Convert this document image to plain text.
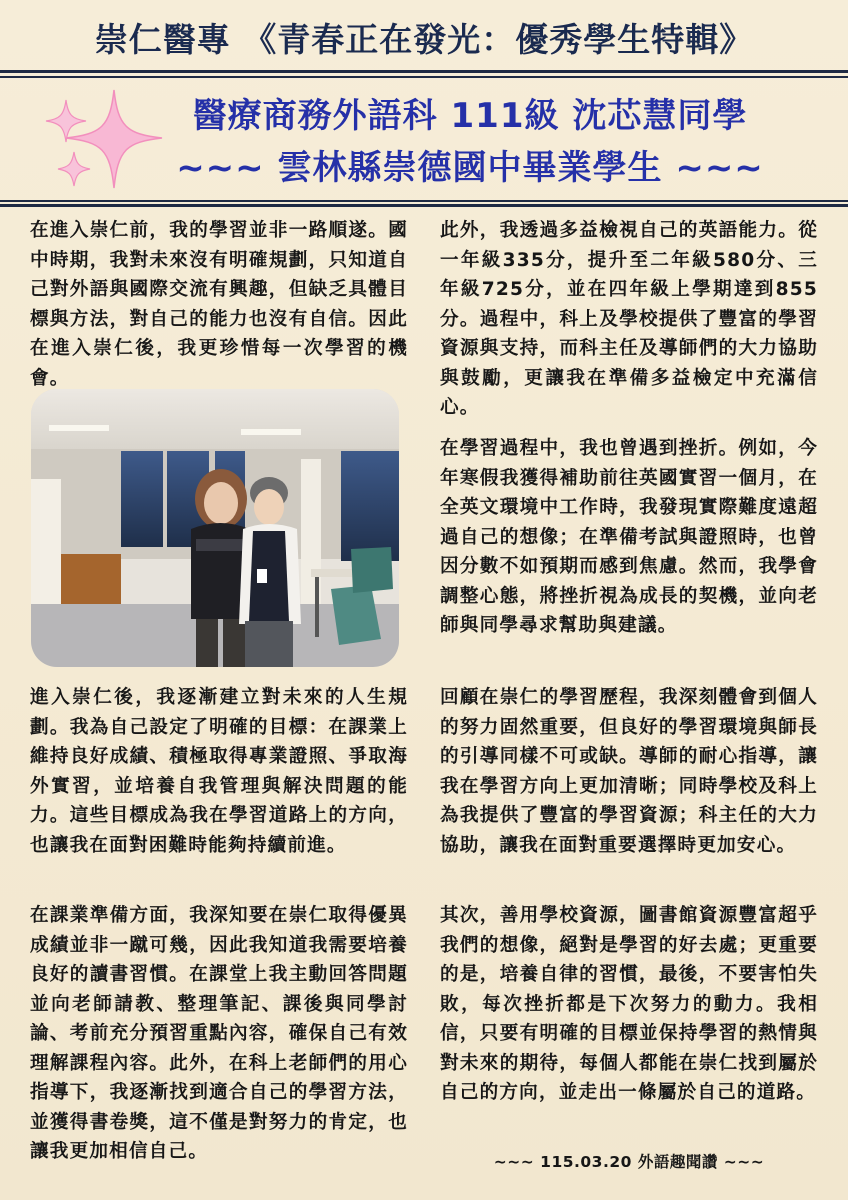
崇仁醫專 《青春正在發光：優秀學生特輯》
醫療商務外語科 111級 沈芯慧同學
~~~ 雲林縣崇德國中畢業學生 ~~~

在進入崇仁前，我的學習並非一路順遂。國中時期，我對未來沒有明確規劃，只知道自己對外語與國際交流有興趣，但缺乏具體目標與方法，對自己的能力也沒有自信。因此在進入崇仁後，我更珍惜每一次學習的機會。

進入崇仁後，我逐漸建立對未來的人生規劃。我為自己設定了明確的目標：在課業上維持良好成績、積極取得專業證照、爭取海外實習，並培養自我管理與解決問題的能力。這些目標成為我在學習道路上的方向，也讓我在面對困難時能夠持續前進。

在課業準備方面，我深知要在崇仁取得優異成績並非一蹴可幾，因此我知道我需要培養良好的讀書習慣。在課堂上我主動回答問題並向老師請教、整理筆記、課後與同學討論、考前充分預習重點內容，確保自己有效理解課程內容。此外，在科上老師們的用心指導下，我逐漸找到適合自己的學習方法，並獲得書卷獎，這不僅是對努力的肯定，也讓我更加相信自己。

此外，我透過多益檢視自己的英語能力。從一年級335分，提升至二年級580分、三年級725分，並在四年級上學期達到855分。過程中，科上及學校提供了豐富的學習資源與支持，而科主任及導師們的大力協助與鼓勵，更讓我在準備多益檢定中充滿信心。

在學習過程中，我也曾遇到挫折。例如，今年寒假我獲得補助前往英國實習一個月，在全英文環境中工作時，我發現實際難度遠超過自己的想像；在準備考試與證照時，也曾因分數不如預期而感到焦慮。然而，我學會調整心態，將挫折視為成長的契機，並向老師與同學尋求幫助與建議。

回顧在崇仁的學習歷程，我深刻體會到個人的努力固然重要，但良好的學習環境與師長的引導同樣不可或缺。導師的耐心指導，讓我在學習方向上更加清晰；同時學校及科上為我提供了豐富的學習資源；科主任的大力協助，讓我在面對重要選擇時更加安心。

其次，善用學校資源，圖書館資源豐富超乎我們的想像，絕對是學習的好去處；更重要的是，培養自律的習慣，最後，不要害怕失敗，每次挫折都是下次努力的動力。我相信，只要有明確的目標並保持學習的熱情與對未來的期待，每個人都能在崇仁找到屬於自己的方向，並走出一條屬於自己的道路。

~~~ 115.03.20 外語趣聞讚 ~~~
